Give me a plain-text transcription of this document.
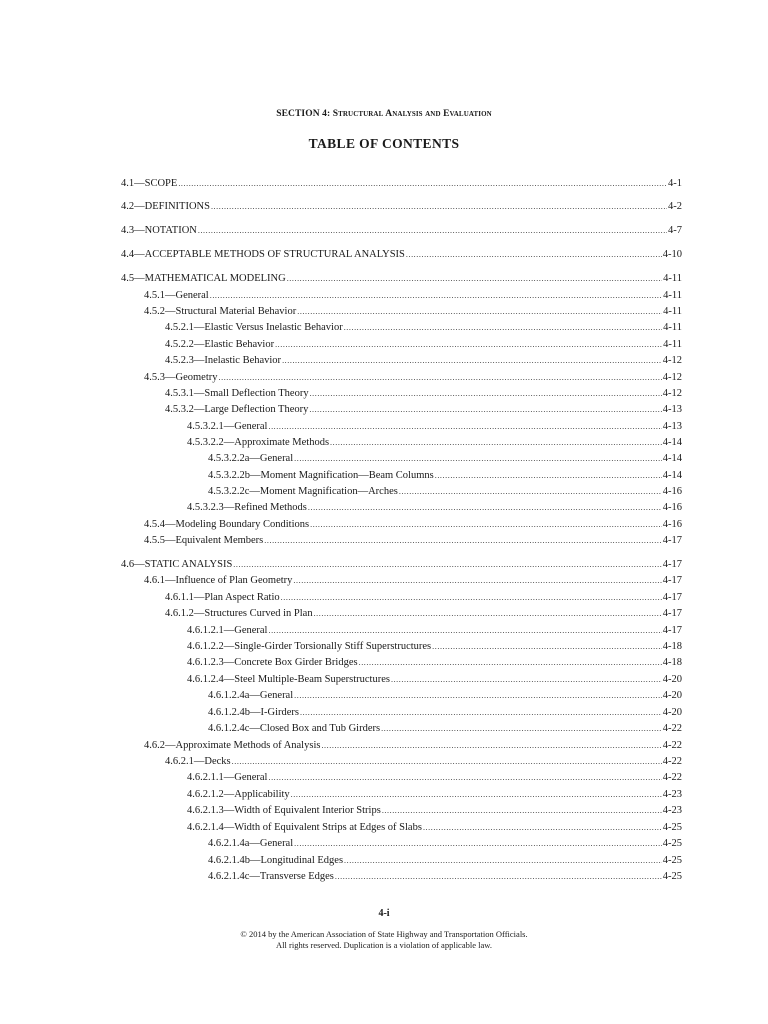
SECTION 4: Structural Analysis and Evaluation
TABLE OF CONTENTS
4.1—SCOPE .....	4-1
4.2—DEFINITIONS .....	4-2
4.3—NOTATION .....	4-7
4.4—ACCEPTABLE METHODS OF STRUCTURAL ANALYSIS .....	4-10
4.5—MATHEMATICAL MODELING .....	4-11
4.5.1—General .....	4-11
4.5.2—Structural Material Behavior .....	4-11
4.5.2.1—Elastic Versus Inelastic Behavior .....	4-11
4.5.2.2—Elastic Behavior .....	4-11
4.5.2.3—Inelastic Behavior .....	4-12
4.5.3—Geometry .....	4-12
4.5.3.1—Small Deflection Theory .....	4-12
4.5.3.2—Large Deflection Theory .....	4-13
4.5.3.2.1—General .....	4-13
4.5.3.2.2—Approximate Methods .....	4-14
4.5.3.2.2a—General .....	4-14
4.5.3.2.2b—Moment Magnification—Beam Columns .....	4-14
4.5.3.2.2c—Moment Magnification—Arches .....	4-16
4.5.3.2.3—Refined Methods .....	4-16
4.5.4—Modeling Boundary Conditions .....	4-16
4.5.5—Equivalent Members .....	4-17
4.6—STATIC ANALYSIS .....	4-17
4.6.1—Influence of Plan Geometry .....	4-17
4.6.1.1—Plan Aspect Ratio .....	4-17
4.6.1.2—Structures Curved in Plan .....	4-17
4.6.1.2.1—General .....	4-17
4.6.1.2.2—Single-Girder Torsionally Stiff Superstructures .....	4-18
4.6.1.2.3—Concrete Box Girder Bridges .....	4-18
4.6.1.2.4—Steel Multiple-Beam Superstructures .....	4-20
4.6.1.2.4a—General .....	4-20
4.6.1.2.4b—I-Girders .....	4-20
4.6.1.2.4c—Closed Box and Tub Girders .....	4-22
4.6.2—Approximate Methods of Analysis .....	4-22
4.6.2.1—Decks .....	4-22
4.6.2.1.1—General .....	4-22
4.6.2.1.2—Applicability .....	4-23
4.6.2.1.3—Width of Equivalent Interior Strips .....	4-23
4.6.2.1.4—Width of Equivalent Strips at Edges of Slabs .....	4-25
4.6.2.1.4a—General .....	4-25
4.6.2.1.4b—Longitudinal Edges .....	4-25
4.6.2.1.4c—Transverse Edges .....	4-25
4-i
© 2014 by the American Association of State Highway and Transportation Officials.
All rights reserved. Duplication is a violation of applicable law.
